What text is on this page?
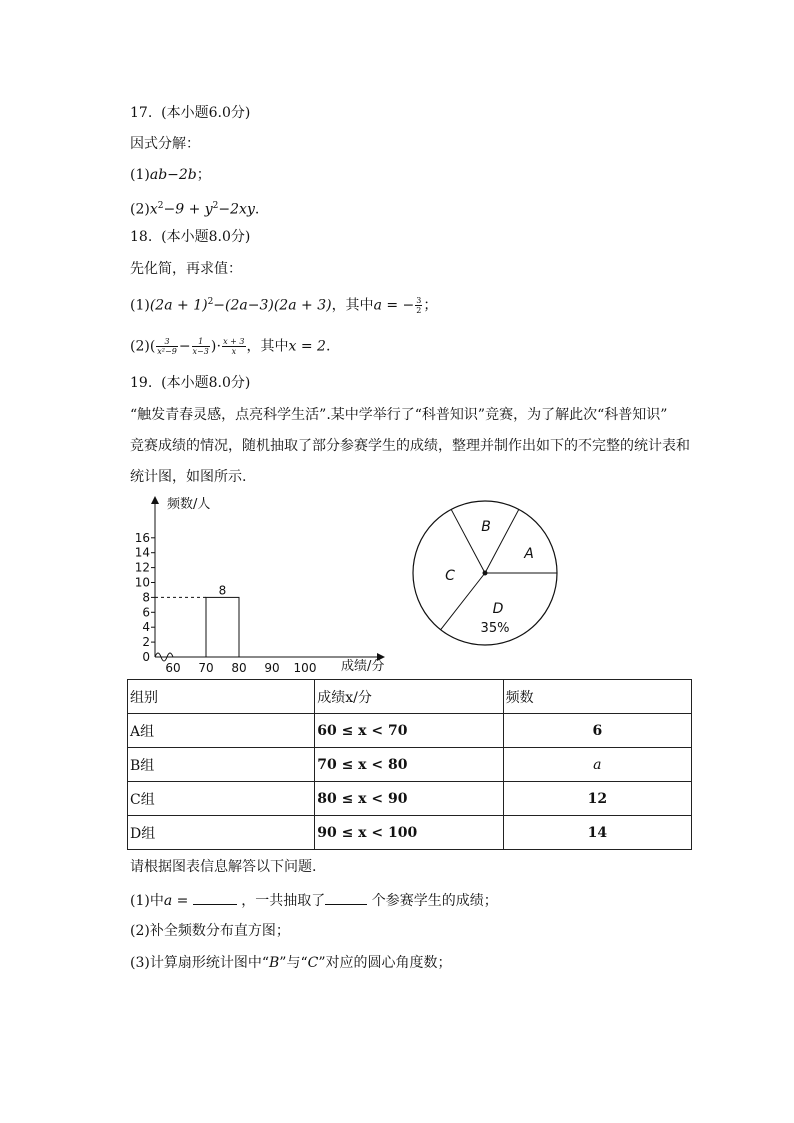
17.  (本小题6.0分)
因式分解：
(1)ab−2b；
$(2)x^2-9 + y^2-2xy$.
18.  (本小题8.0分)
先化简，再求值：
$(1)(2a + 1)^2-(2a-3)(2a + 3)$，其中a = − $\frac{3}{2}$ ；
$(2)( \frac{3}{\text{x²−9}} - \frac{1}{x-3}$ )⋅ $\frac{x + 3}{x}$ ，其中x = 2.
19.  (本小题8.0分)
“触发青春灵感，点亮科学生活”.某中学举行了“科普知识”竞赛，为了解此次“科普知识”
竞赛成绩的情况，随机抽取了部分参赛学生的成绩，整理并制作出如下的不完整的统计表和
统计图，如图所示.
0
2
4
6
8
10
12
14
16
60 70 80 90 100
频数/人
成绩/分
8
A
B
C
D
35%
组别	成绩x/分	频数
A组	60 ≤ x < 70	6
B组	70 ≤ x < 80	a
C组	80 ≤ x < 90	12
D组	90 ≤ x < 100	14
请根据图表信息解答以下问题.
(1)中a =	，一共抽取了	个参赛学生的成绩；
(2)补全频数分布直方图；
(3)计算扇形统计图中“B”与“C”对应的圆心角度数；
